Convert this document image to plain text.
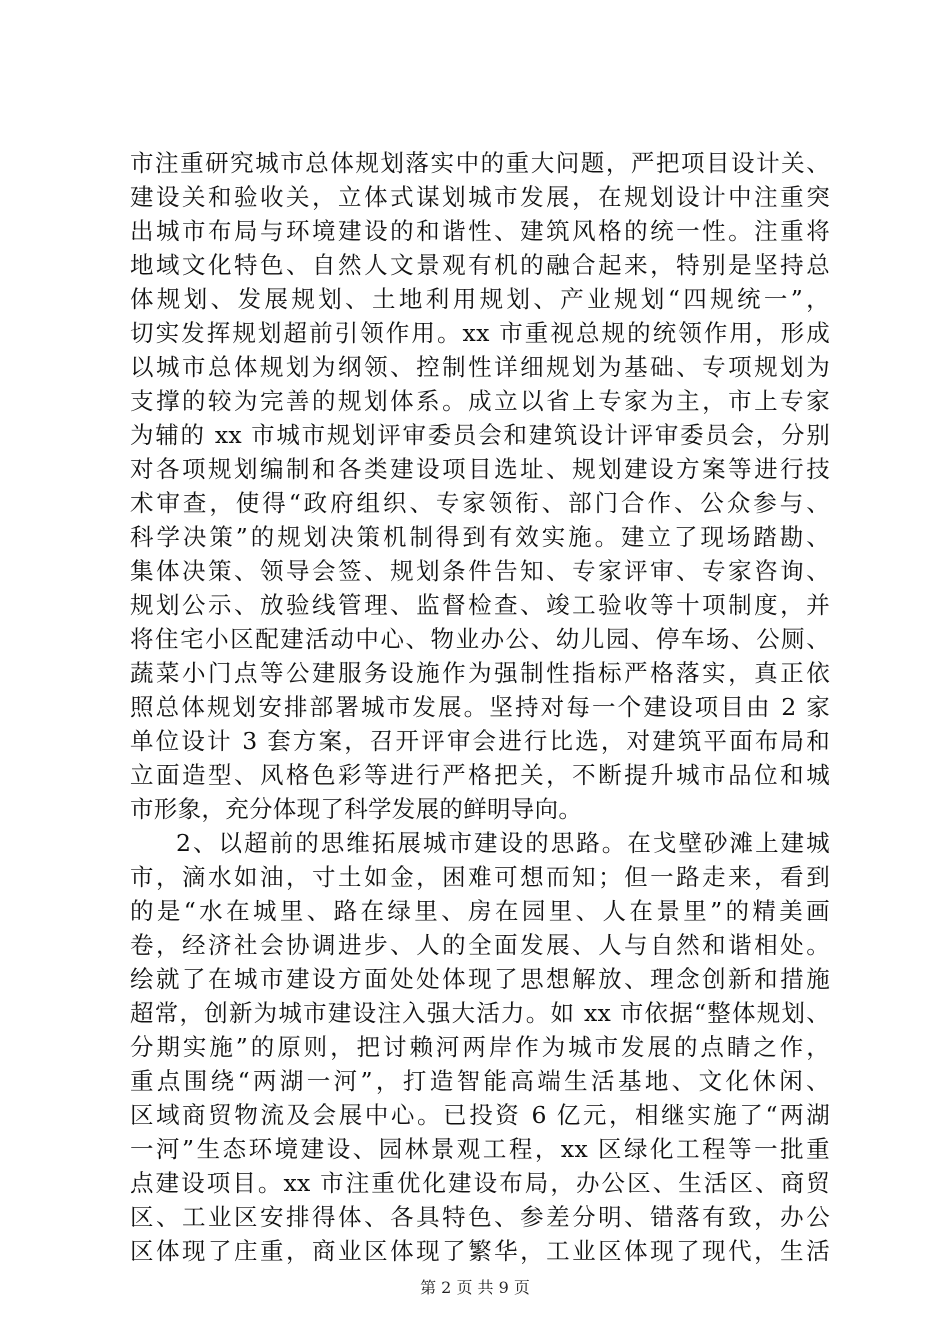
市注重研究城市总体规划落实中的重大问题，严把项目设计关、
建设关和验收关，立体式谋划城市发展，在规划设计中注重突
出城市布局与环境建设的和谐性、建筑风格的统一性。注重将
地域文化特色、自然人文景观有机的融合起来，特别是坚持总
体规划、发展规划、土地利用规划、产业规划“四规统一”，
切实发挥规划超前引领作用。xx 市重视总规的统领作用，形成
以城市总体规划为纲领、控制性详细规划为基础、专项规划为
支撑的较为完善的规划体系。成立以省上专家为主，市上专家
为辅的 xx 市城市规划评审委员会和建筑设计评审委员会，分别
对各项规划编制和各类建设项目选址、规划建设方案等进行技
术审查，使得“政府组织、专家领衔、部门合作、公众参与、
科学决策”的规划决策机制得到有效实施。建立了现场踏勘、
集体决策、领导会签、规划条件告知、专家评审、专家咨询、
规划公示、放验线管理、监督检查、竣工验收等十项制度，并
将住宅小区配建活动中心、物业办公、幼儿园、停车场、公厕、
蔬菜小门点等公建服务设施作为强制性指标严格落实，真正依
照总体规划安排部署城市发展。坚持对每一个建设项目由 2 家
单位设计 3 套方案，召开评审会进行比选，对建筑平面布局和
立面造型、风格色彩等进行严格把关，不断提升城市品位和城
市形象，充分体现了科学发展的鲜明导向。
2、以超前的思维拓展城市建设的思路。在戈壁砂滩上建城
市，滴水如油，寸土如金，困难可想而知；但一路走来，看到
的是“水在城里、路在绿里、房在园里、人在景里”的精美画
卷，经济社会协调进步、人的全面发展、人与自然和谐相处。
绘就了在城市建设方面处处体现了思想解放、理念创新和措施
超常，创新为城市建设注入强大活力。如 xx 市依据“整体规划、
分期实施”的原则，把讨赖河两岸作为城市发展的点睛之作，
重点围绕“两湖一河”，打造智能高端生活基地、文化休闲、
区域商贸物流及会展中心。已投资 6 亿元，相继实施了“两湖
一河”生态环境建设、园林景观工程，xx 区绿化工程等一批重
点建设项目。xx 市注重优化建设布局，办公区、生活区、商贸
区、工业区安排得体、各具特色、参差分明、错落有致，办公
区体现了庄重，商业区体现了繁华，工业区体现了现代，生活
第 2 页 共 9 页
